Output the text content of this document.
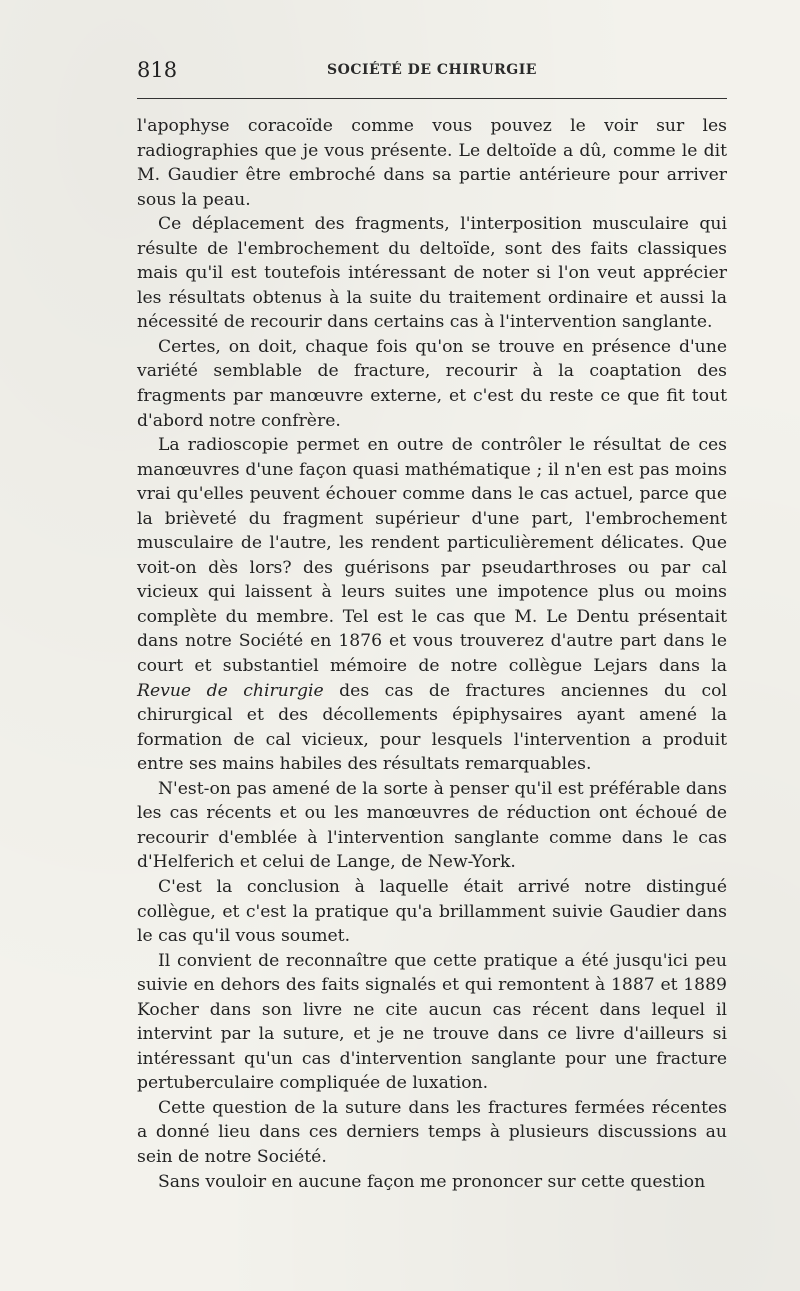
818	SOCIÉTÉ DE CHIRURGIE

l'apophyse coracoïde comme vous pouvez le voir sur les radiographies que je vous présente. Le deltoïde a dû, comme le dit M. Gaudier être embroché dans sa partie antérieure pour arriver sous la peau.

Ce déplacement des fragments, l'interposition musculaire qui résulte de l'embrochement du deltoïde, sont des faits classiques mais qu'il est toutefois intéressant de noter si l'on veut apprécier les résultats obtenus à la suite du traitement ordinaire et aussi la nécessité de recourir dans certains cas à l'intervention sanglante.

Certes, on doit, chaque fois qu'on se trouve en présence d'une variété semblable de fracture, recourir à la coaptation des fragments par manœuvre externe, et c'est du reste ce que fit tout d'abord notre confrère.

La radioscopie permet en outre de contrôler le résultat de ces manœuvres d'une façon quasi mathématique ; il n'en est pas moins vrai qu'elles peuvent échouer comme dans le cas actuel, parce que la brièveté du fragment supérieur d'une part, l'embrochement musculaire de l'autre, les rendent particulièrement délicates. Que voit-on dès lors? des guérisons par pseudarthroses ou par cal vicieux qui laissent à leurs suites une impotence plus ou moins complète du membre. Tel est le cas que M. Le Dentu présentait dans notre Société en 1876 et vous trouverez d'autre part dans le court et substantiel mémoire de notre collègue Lejars dans la Revue de chirurgie des cas de fractures anciennes du col chirurgical et des décollements épiphysaires ayant amené la formation de cal vicieux, pour lesquels l'intervention a produit entre ses mains habiles des résultats remarquables.

N'est-on pas amené de la sorte à penser qu'il est préférable dans les cas récents et ou les manœuvres de réduction ont échoué de recourir d'emblée à l'intervention sanglante comme dans le cas d'Helferich et celui de Lange, de New-York.

C'est la conclusion à laquelle était arrivé notre distingué collègue, et c'est la pratique qu'a brillamment suivie Gaudier dans le cas qu'il vous soumet.

Il convient de reconnaître que cette pratique a été jusqu'ici peu suivie en dehors des faits signalés et qui remontent à 1887 et 1889 Kocher dans son livre ne cite aucun cas récent dans lequel il intervint par la suture, et je ne trouve dans ce livre d'ailleurs si intéressant qu'un cas d'intervention sanglante pour une fracture pertuberculaire compliquée de luxation.

Cette question de la suture dans les fractures fermées récentes a donné lieu dans ces derniers temps à plusieurs discussions au sein de notre Société.

Sans vouloir en aucune façon me prononcer sur cette question
